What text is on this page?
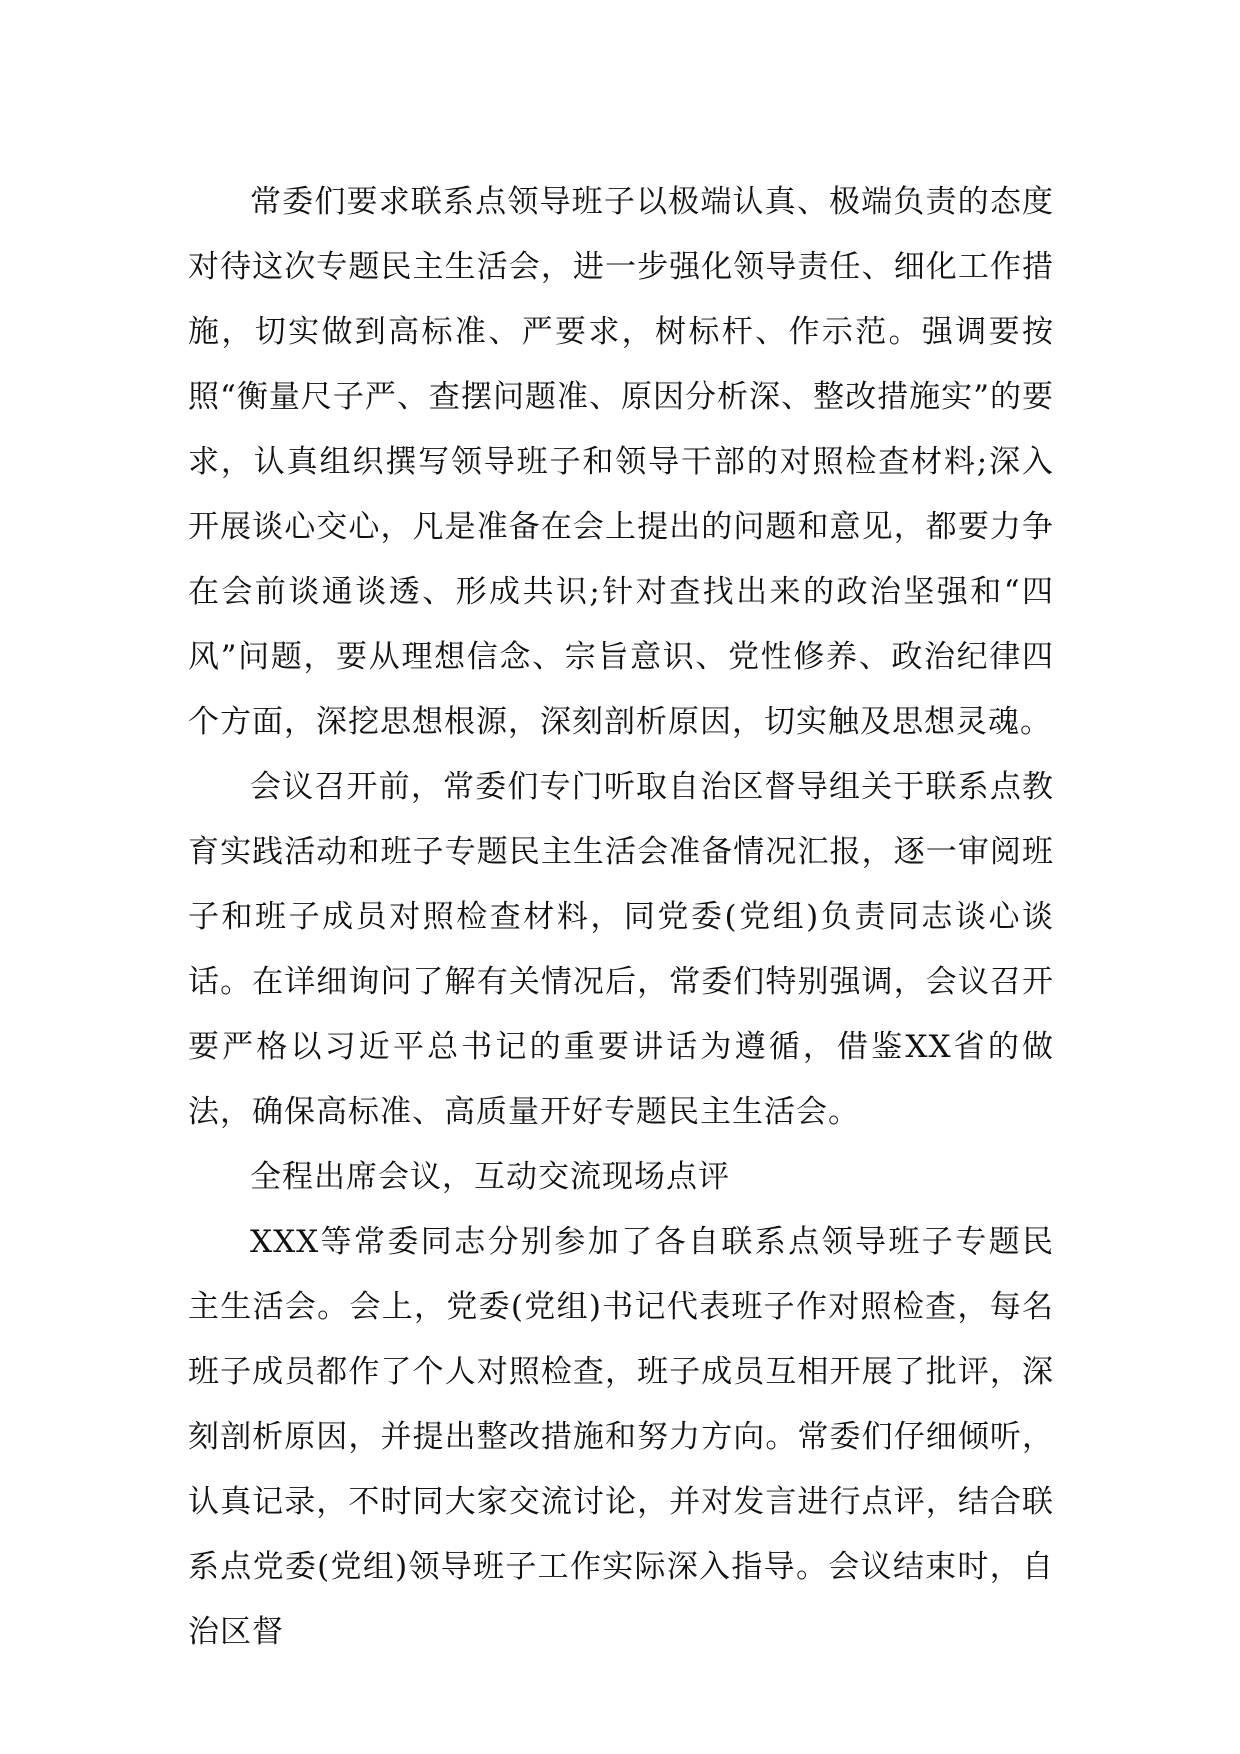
常委们要求联系点领导班子以极端认真、极端负责的态度对待这次专题民主生活会，进一步强化领导责任、细化工作措施，切实做到高标准、严要求，树标杆、作示范。强调要按照“衡量尺子严、查摆问题准、原因分析深、整改措施实”的要求，认真组织撰写领导班子和领导干部的对照检查材料;深入开展谈心交心，凡是准备在会上提出的问题和意见，都要力争在会前谈通谈透、形成共识;针对查找出来的政治坚强和“四风”问题，要从理想信念、宗旨意识、党性修养、政治纪律四个方面，深挖思想根源，深刻剖析原因，切实触及思想灵魂。

会议召开前，常委们专门听取自治区督导组关于联系点教育实践活动和班子专题民主生活会准备情况汇报，逐一审阅班子和班子成员对照检查材料，同党委(党组)负责同志谈心谈话。在详细询问了解有关情况后，常委们特别强调，会议召开要严格以习近平总书记的重要讲话为遵循，借鉴XX省的做法，确保高标准、高质量开好专题民主生活会。

全程出席会议，互动交流现场点评

XXX等常委同志分别参加了各自联系点领导班子专题民主生活会。会上，党委(党组)书记代表班子作对照检查，每名班子成员都作了个人对照检查，班子成员互相开展了批评，深刻剖析原因，并提出整改措施和努力方向。常委们仔细倾听，认真记录，不时同大家交流讨论，并对发言进行点评，结合联系点党委(党组)领导班子工作实际深入指导。会议结束时，自治区督
